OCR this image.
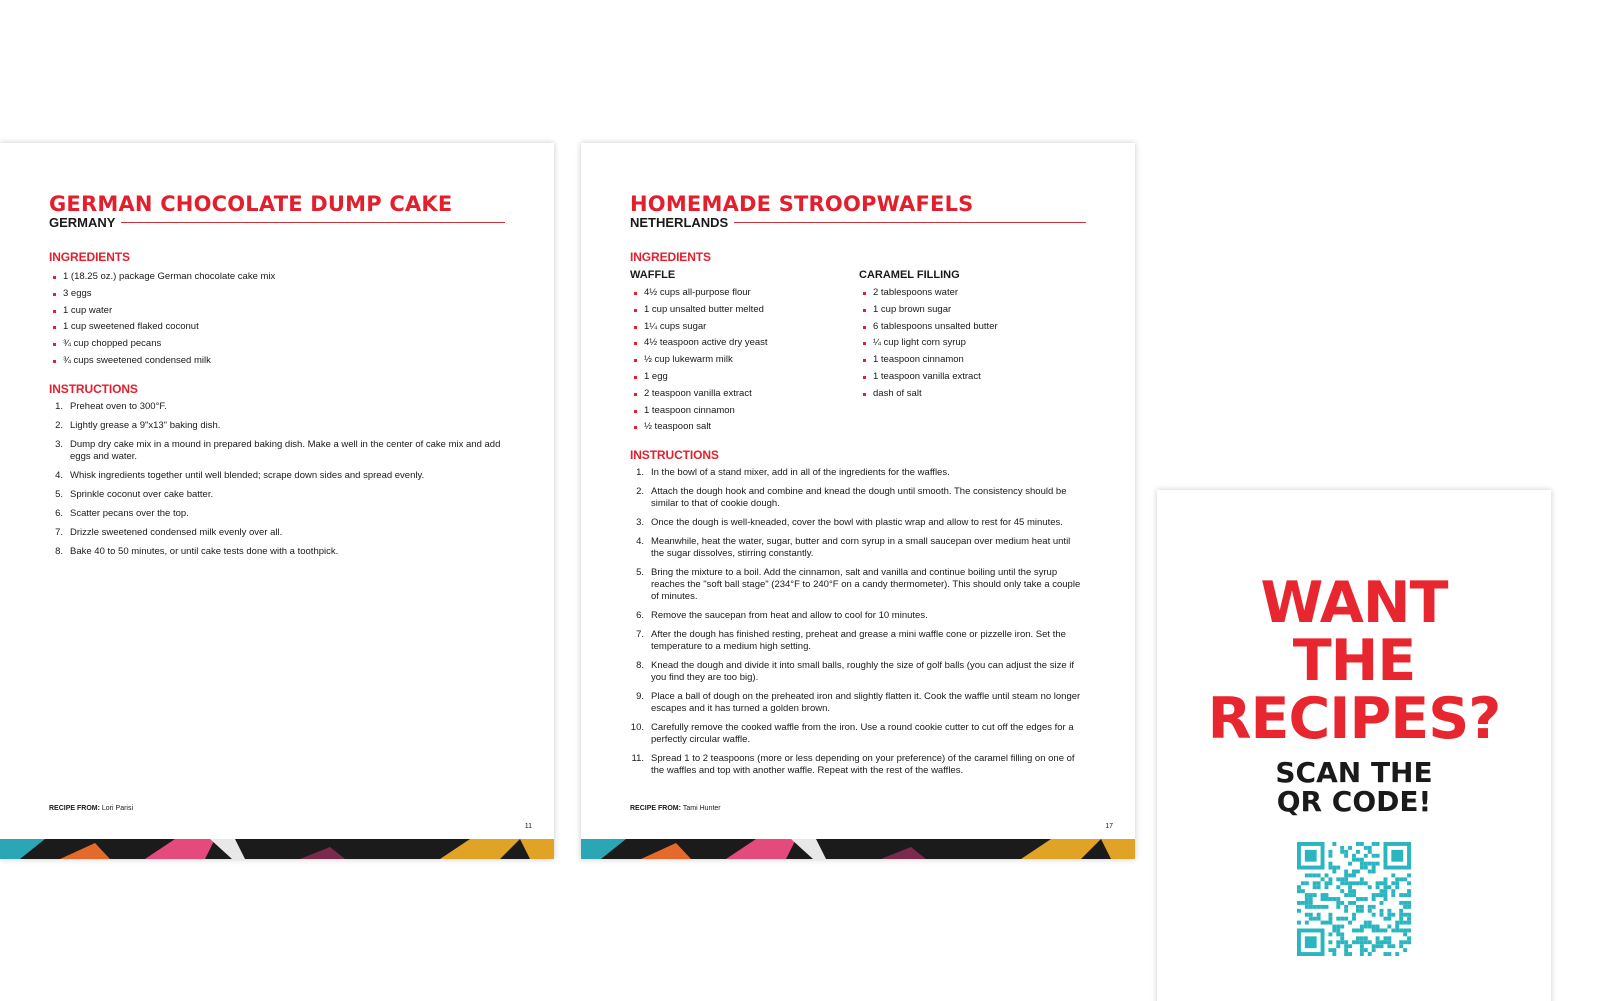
GERMAN CHOCOLATE DUMP CAKE
GERMANY
INGREDIENTS
1 (18.25 oz.) package German chocolate cake mix
3 eggs
1 cup water
1 cup sweetened flaked coconut
¾ cup chopped pecans
¾ cups sweetened condensed milk
INSTRUCTIONS
1. Preheat oven to 300°F.
2. Lightly grease a 9"x13" baking dish.
3. Dump dry cake mix in a mound in prepared baking dish. Make a well in the center of cake mix and add eggs and water.
4. Whisk ingredients together until well blended; scrape down sides and spread evenly.
5. Sprinkle coconut over cake batter.
6. Scatter pecans over the top.
7. Drizzle sweetened condensed milk evenly over all.
8. Bake 40 to 50 minutes, or until cake tests done with a toothpick.
RECIPE FROM: Lori Parisi
11
HOMEMADE STROOPWAFELS
NETHERLANDS
INGREDIENTS
WAFFLE
4½ cups all-purpose flour
1 cup unsalted butter melted
1¼ cups sugar
4½ teaspoon active dry yeast
½ cup lukewarm milk
1 egg
2 teaspoon vanilla extract
1 teaspoon cinnamon
½ teaspoon salt
CARAMEL FILLING
2 tablespoons water
1 cup brown sugar
6 tablespoons unsalted butter
¼ cup light corn syrup
1 teaspoon cinnamon
1 teaspoon vanilla extract
dash of salt
INSTRUCTIONS
1. In the bowl of a stand mixer, add in all of the ingredients for the waffles.
2. Attach the dough hook and combine and knead the dough until smooth. The consistency should be similar to that of cookie dough.
3. Once the dough is well-kneaded, cover the bowl with plastic wrap and allow to rest for 45 minutes.
4. Meanwhile, heat the water, sugar, butter and corn syrup in a small saucepan over medium heat until the sugar dissolves, stirring constantly.
5. Bring the mixture to a boil. Add the cinnamon, salt and vanilla and continue boiling until the syrup reaches the "soft ball stage" (234°F to 240°F on a candy thermometer). This should only take a couple of minutes.
6. Remove the saucepan from heat and allow to cool for 10 minutes.
7. After the dough has finished resting, preheat and grease a mini waffle cone or pizzelle iron. Set the temperature to a medium high setting.
8. Knead the dough and divide it into small balls, roughly the size of golf balls (you can adjust the size if you find they are too big).
9. Place a ball of dough on the preheated iron and slightly flatten it. Cook the waffle until steam no longer escapes and it has turned a golden brown.
10. Carefully remove the cooked waffle from the iron. Use a round cookie cutter to cut off the edges for a perfectly circular waffle.
11. Spread 1 to 2 teaspoons (more or less depending on your preference) of the caramel filling on one of the waffles and top with another waffle. Repeat with the rest of the waffles.
RECIPE FROM: Tami Hunter
17
WANT
THE
RECIPES?
SCAN THE
QR CODE!
